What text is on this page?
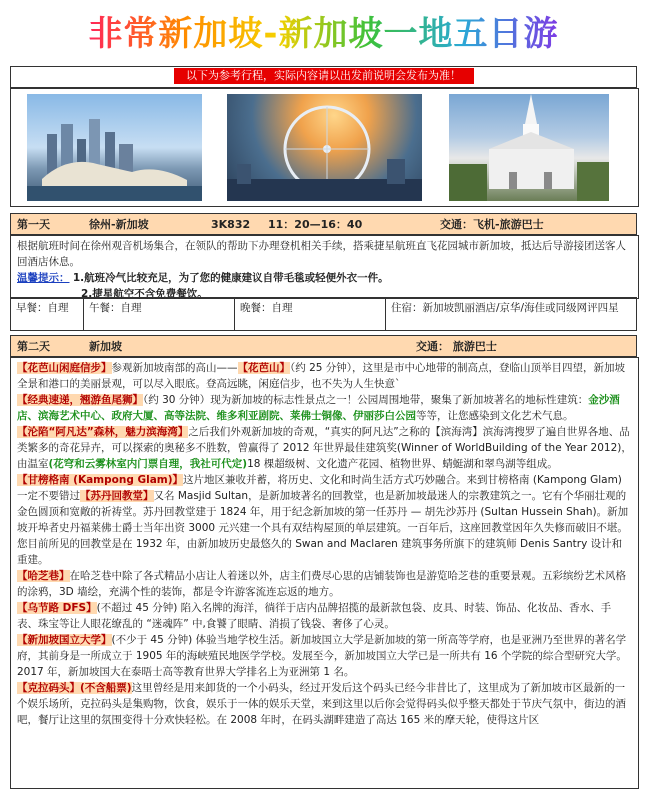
非常新加坡-新加坡一地五日游
以下为参考行程，实际内容请以出发前说明会发布为准！
第一天	徐州-新加坡	3K832	11：20—16：40	交通：飞机-旅游巴士

根据航班时间在徐州观音机场集合，在领队的帮助下办理登机相关手续，搭乘捷星航班直飞花园城市新加坡，抵达后导游接团送客人回酒店休息。

温馨提示： 1.航班冷气比较充足，为了您的健康建议自带毛毯或轻便外衣一件。

2.捷星航空不含免费餐饮。

早餐：自理	午餐：自理	晚餐：自理	住宿：新加坡凯丽酒店/京华/海佳或同级网评四星
第二天	新加坡	交通： 旅游巴士

【花芭山闲庭信步】参观新加坡南部的高山——【花芭山】（约 25 分钟），这里是市中心地带的制高点，登临山顶举目四望，新加坡全景和港口的美丽景观，可以尽入眼底。登高远眺，闲庭信步，也不失为人生快意`

【经典速递，翘游鱼尾狮】（约 30 分钟）现为新加坡的标志性景点之一！公园周围地带，聚集了新加坡著名的地标性建筑：金沙酒店、滨海艺术中心、政府大厦、高等法院、维多利亚剧院、莱佛士铜像、伊丽莎白公园等等，让您感染到文化艺术气息。

【沦陷“阿凡达”森林，魅力滨海湾】之后我们外观新加坡的奇观，“真实的阿凡达”之称的【滨海湾】滨海湾搜罗了遍自世界各地、品类繁多的奇花异卉，可以探索的奥秘多不胜数，曾赢得了 2012 年世界最佳建筑奖(Winner of WorldBuilding of the Year 2012)，由温室(花穹和云雾林室内门票自理，我社可代定)18 棵超级树、文化遗产花园、植物世界、蜻蜓湖和翠鸟湖等组成。

【甘榜格南 (Kampong Glam)】这片地区兼收并蓄，将历史、文化和时尚生活方式巧妙融合。来到甘榜格南 (Kampong Glam) 一定不要错过【苏丹回教堂】又名 Masjid Sultan，是新加坡著名的回教堂，也是新加坡最迷人的宗教建筑之一。它有个华丽壮观的金色圆顶和宽敞的祈祷堂。苏丹回教堂建于 1824 年，用于纪念新加坡的第一任苏丹 — 胡先沙苏丹 (Sultan Hussein Shah)。新加坡开埠者史丹福莱佛士爵士当年出资 3000 元兴建一个具有双结构屋顶的单层建筑。一百年后，这座回教堂因年久失修而破旧不堪。您目前所见的回教堂是在 1932 年，由新加坡历史最悠久的 Swan and Maclaren 建筑事务所旗下的建筑师 Denis Santry 设计和重建。

【哈芝巷】在哈芝巷中除了各式精品小店让人着迷以外，店主们费尽心思的店铺装饰也是游览哈芝巷的重要景观。五彩缤纷艺术风格的涂鸦，3D 墙绘，充满个性的装饰，都是令许游客流连忘返的地方。

【乌节路 DFS】(不超过 45 分钟) 陷入名牌的海洋，徜徉于店内品牌招揽的最新款包袋、皮具、时装、饰品、化妆品、香水、手表、珠宝等让人眼花缭乱的 “迷魂阵” 中,食饕了眼睛、消损了钱袋、奢侈了心灵。

【新加坡国立大学】(不少于 45 分钟) 体验当地学校生活。新加坡国立大学是新加坡的第一所高等学府，也是亚洲乃至世界的著名学府，其前身是一所成立于 1905 年的海峡殖民地医学学校。发展至今，新加坡国立大学已是一所共有 16 个学院的综合型研究大学。2017 年，新加坡国大在泰晤士高等教育世界大学排名上为亚洲第 1 名。

【克拉码头】(不含船票)这里曾经是用来卸货的一个小码头，经过开发后这个码头已经今非昔比了，这里成为了新加坡市区最新的一个娱乐场所，克拉码头是集购物，饮食，娱乐于一体的娱乐天堂，来到这里以后你会觉得码头似乎整天都处于节庆气氛中，街边的酒吧，餐厅让这里的氛围变得十分欢快轻松。在 2008 年时，在码头湖畔建造了高达 165 米的摩天轮，使得这片区
